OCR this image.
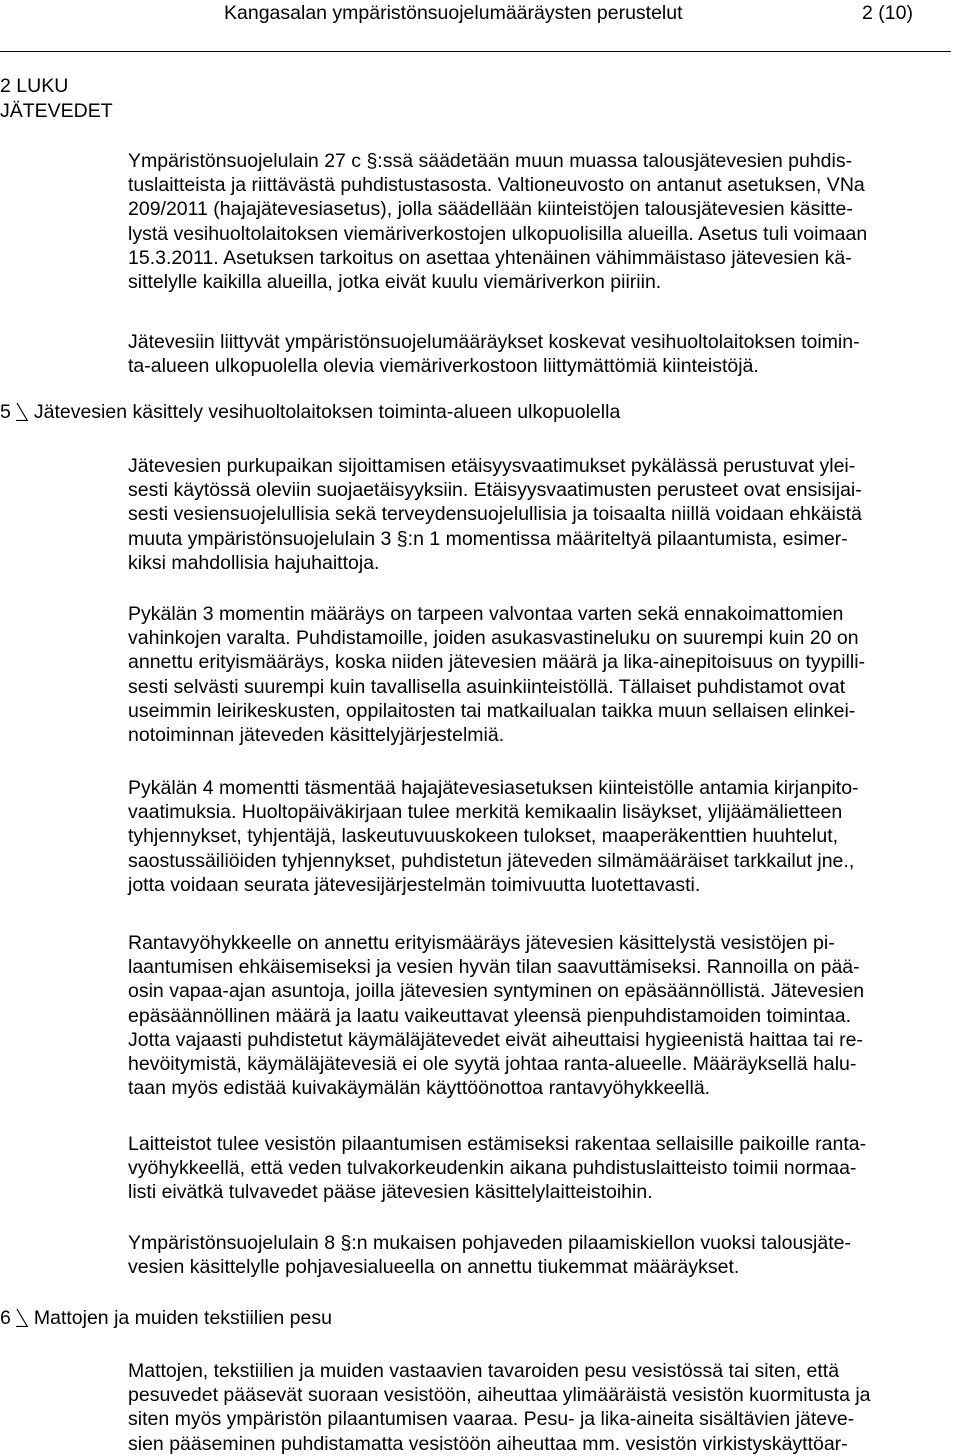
Kangasalan ympäristönsuojelumääräysten perustelut	2 (10)
2 LUKU
JÄTEVEDET

Ympäristönsuojelulain 27 c §:ssä säädetään muun muassa talousjätevesien puhdis-
tuslaitteista ja riittävästä puhdistustasosta. Valtioneuvosto on antanut asetuksen, VNa
209/2011 (hajajätevesiasetus), jolla säädellään kiinteistöjen talousjätevesien käsitte-
lystä vesihuoltolaitoksen viemäriverkostojen ulkopuolisilla alueilla. Asetus tuli voimaan
15.3.2011. Asetuksen tarkoitus on asettaa yhtenäinen vähimmäistaso jätevesien kä-
sittelylle kaikilla alueilla, jotka eivät kuulu viemäriverkon piiriin.

Jätevesiin liittyvät ympäristönsuojelumääräykset koskevat vesihuoltolaitoksen toimin-
ta-alueen ulkopuolella olevia viemäriverkostoon liittymättömiä kiinteistöjä.

5 Jätevesien käsittely vesihuoltolaitoksen toiminta-alueen ulkopuolella

Jätevesien purkupaikan sijoittamisen etäisyysvaatimukset pykälässä perustuvat ylei-
sesti käytössä oleviin suojaetäisyyksiin. Etäisyysvaatimusten perusteet ovat ensisijai-
sesti vesiensuojelullisia sekä terveydensuojelullisia ja toisaalta niillä voidaan ehkäistä
muuta ympäristönsuojelulain 3 §:n 1 momentissa määriteltyä pilaantumista, esimer-
kiksi mahdollisia hajuhaittoja.

Pykälän 3 momentin määräys on tarpeen valvontaa varten sekä ennakoimattomien
vahinkojen varalta. Puhdistamoille, joiden asukasvastineluku on suurempi kuin 20 on
annettu erityismääräys, koska niiden jätevesien määrä ja lika-ainepitoisuus on tyypilli-
sesti selvästi suurempi kuin tavallisella asuinkiinteistöllä. Tällaiset puhdistamot ovat
useimmin leirikeskusten, oppilaitosten tai matkailualan taikka muun sellaisen elinkei-
notoiminnan jäteveden käsittelyjärjestelmiä.

Pykälän 4 momentti täsmentää hajajätevesiasetuksen kiinteistölle antamia kirjanpito-
vaatimuksia. Huoltopäiväkirjaan tulee merkitä kemikaalin lisäykset, ylijäämälietteen
tyhjennykset, tyhjentäjä, laskeutuvuuskokeen tulokset, maaperäkenttien huuhtelut,
saostussäiliöiden tyhjennykset, puhdistetun jäteveden silmämääräiset tarkkailut jne.,
jotta voidaan seurata jätevesijärjestelmän toimivuutta luotettavasti.

Rantavyöhykkeelle on annettu erityismääräys jätevesien käsittelystä vesistöjen pi-
laantumisen ehkäisemiseksi ja vesien hyvän tilan saavuttämiseksi. Rannoilla on pää-
osin vapaa-ajan asuntoja, joilla jätevesien syntyminen on epäsäännöllistä. Jätevesien
epäsäännöllinen määrä ja laatu vaikeuttavat yleensä pienpuhdistamoiden toimintaa.
Jotta vajaasti puhdistetut käymäläjätevedet eivät aiheuttaisi hygieenistä haittaa tai re-
hevöitymistä, käymäläjätevesiä ei ole syytä johtaa ranta-alueelle. Määräyksellä halu-
taan myös edistää kuivakäymälän käyttöönottoa rantavyöhykkeellä.

Laitteistot tulee vesistön pilaantumisen estämiseksi rakentaa sellaisille paikoille ranta-
vyöhykkeellä, että veden tulvakorkeudenkin aikana puhdistuslaitteisto toimii normaa-
listi eivätkä tulvavedet pääse jätevesien käsittelylaitteistoihin.

Ympäristönsuojelulain 8 §:n mukaisen pohjaveden pilaamiskiellon vuoksi talousjäte-
vesien käsittelylle pohjavesialueella on annettu tiukemmat määräykset.

6 Mattojen ja muiden tekstiilien pesu

Mattojen, tekstiilien ja muiden vastaavien tavaroiden pesu vesistössä tai siten, että
pesuvedet pääsevät suoraan vesistöön, aiheuttaa ylimääräistä vesistön kuormitusta ja
siten myös ympäristön pilaantumisen vaaraa. Pesu- ja lika-aineita sisältävien jäteve-
sien pääseminen puhdistamatta vesistöön aiheuttaa mm. vesistön virkistyskäyttöar-
